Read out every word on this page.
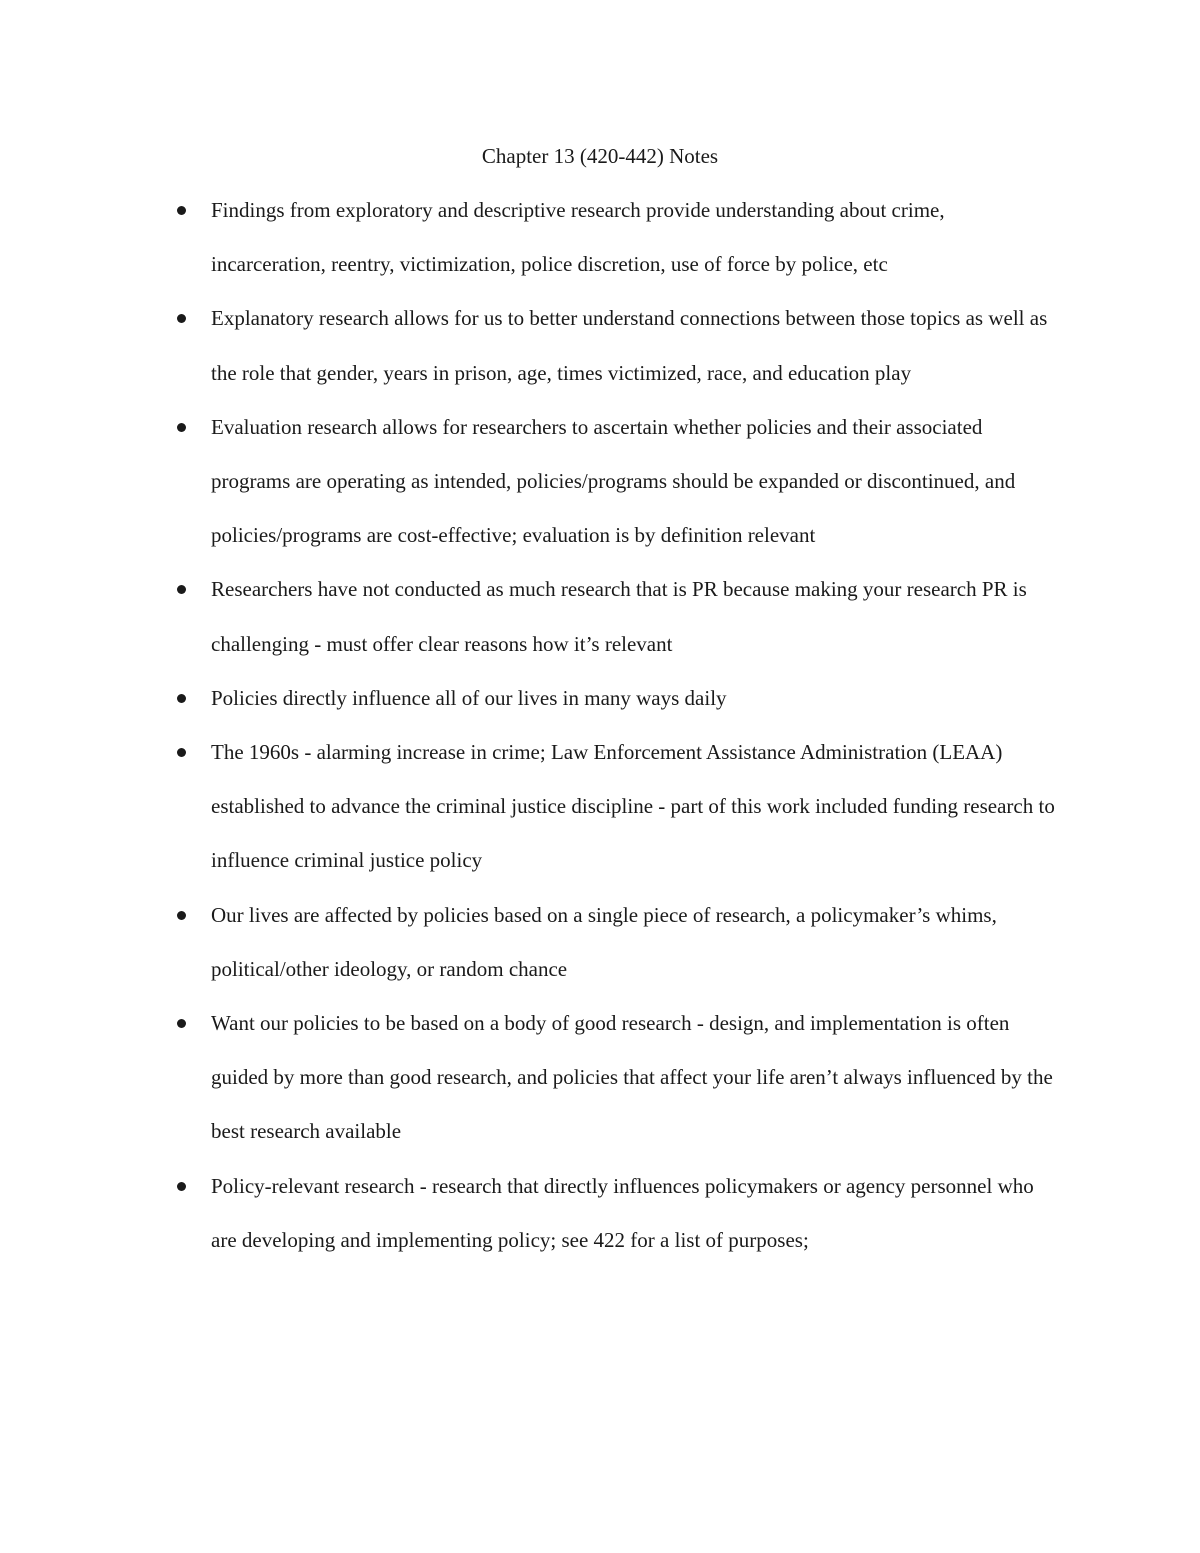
Chapter 13 (420-442) Notes
Findings from exploratory and descriptive research provide understanding about crime, incarceration, reentry, victimization, police discretion, use of force by police, etc
Explanatory research allows for us to better understand connections between those topics as well as the role that gender, years in prison, age, times victimized, race, and education play
Evaluation research allows for researchers to ascertain whether policies and their associated programs are operating as intended, policies/programs should be expanded or discontinued, and policies/programs are cost-effective; evaluation is by definition relevant
Researchers have not conducted as much research that is PR because making your research PR is challenging - must offer clear reasons how it’s relevant
Policies directly influence all of our lives in many ways daily
The 1960s - alarming increase in crime; Law Enforcement Assistance Administration (LEAA) established to advance the criminal justice discipline - part of this work included funding research to influence criminal justice policy
Our lives are affected by policies based on a single piece of research, a policymaker’s whims, political/other ideology, or random chance
Want our policies to be based on a body of good research - design, and implementation is often guided by more than good research, and policies that affect your life aren’t always influenced by the best research available
Policy-relevant research - research that directly influences policymakers or agency personnel who are developing and implementing policy; see 422 for a list of purposes;
